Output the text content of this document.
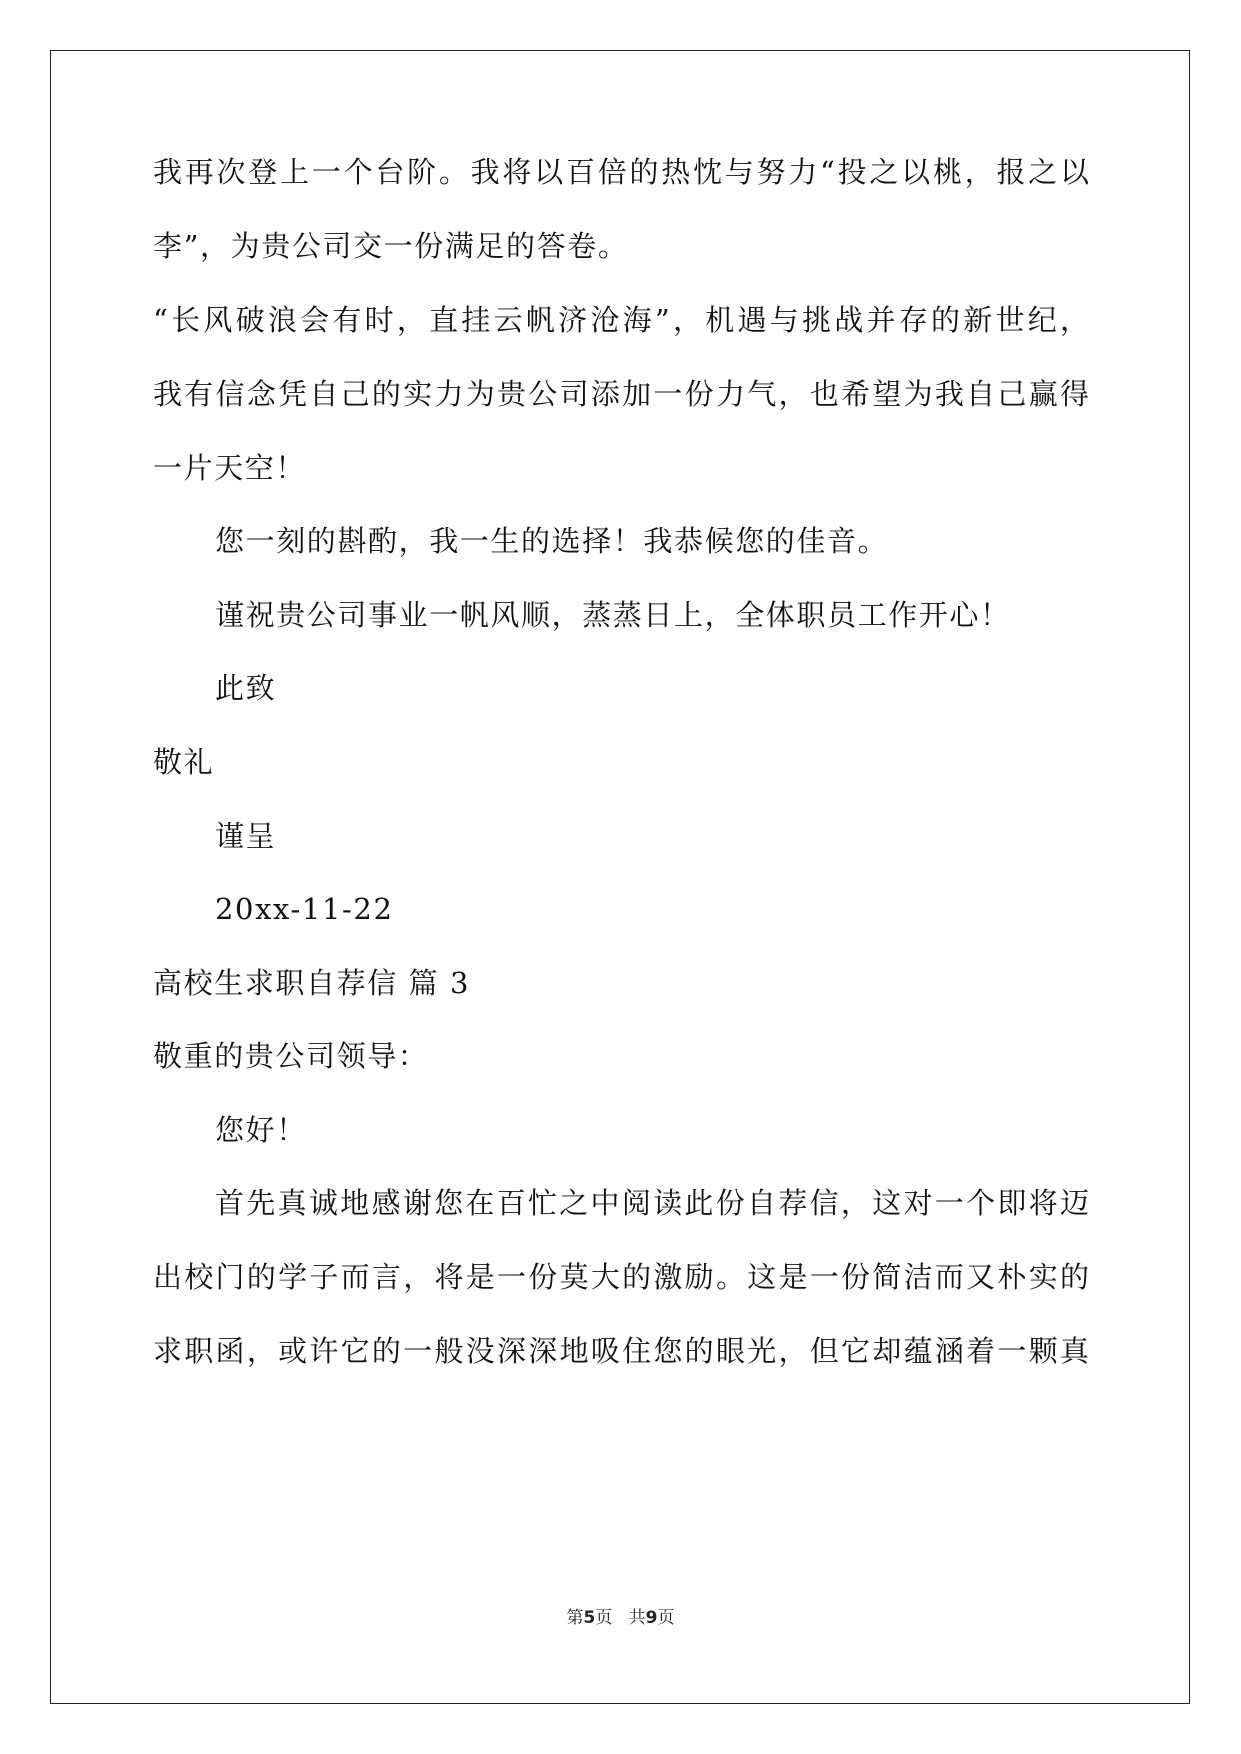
我再次登上一个台阶。我将以百倍的热忱与努力“投之以桃，报之以
李”，为贵公司交一份满足的答卷。
“长风破浪会有时，直挂云帆济沧海”，机遇与挑战并存的新世纪，
我有信念凭自己的实力为贵公司添加一份力气，也希望为我自己赢得
一片天空！
您一刻的斟酌，我一生的选择！我恭候您的佳音。
谨祝贵公司事业一帆风顺，蒸蒸日上，全体职员工作开心！
此致
敬礼
谨呈
20xx-11-22
高校生求职自荐信 篇 3
敬重的贵公司领导：
您好！
首先真诚地感谢您在百忙之中阅读此份自荐信，这对一个即将迈
出校门的学子而言，将是一份莫大的激励。这是一份简洁而又朴实的
求职函，或许它的一般没深深地吸住您的眼光，但它却蕴涵着一颗真
第5页 共9页
